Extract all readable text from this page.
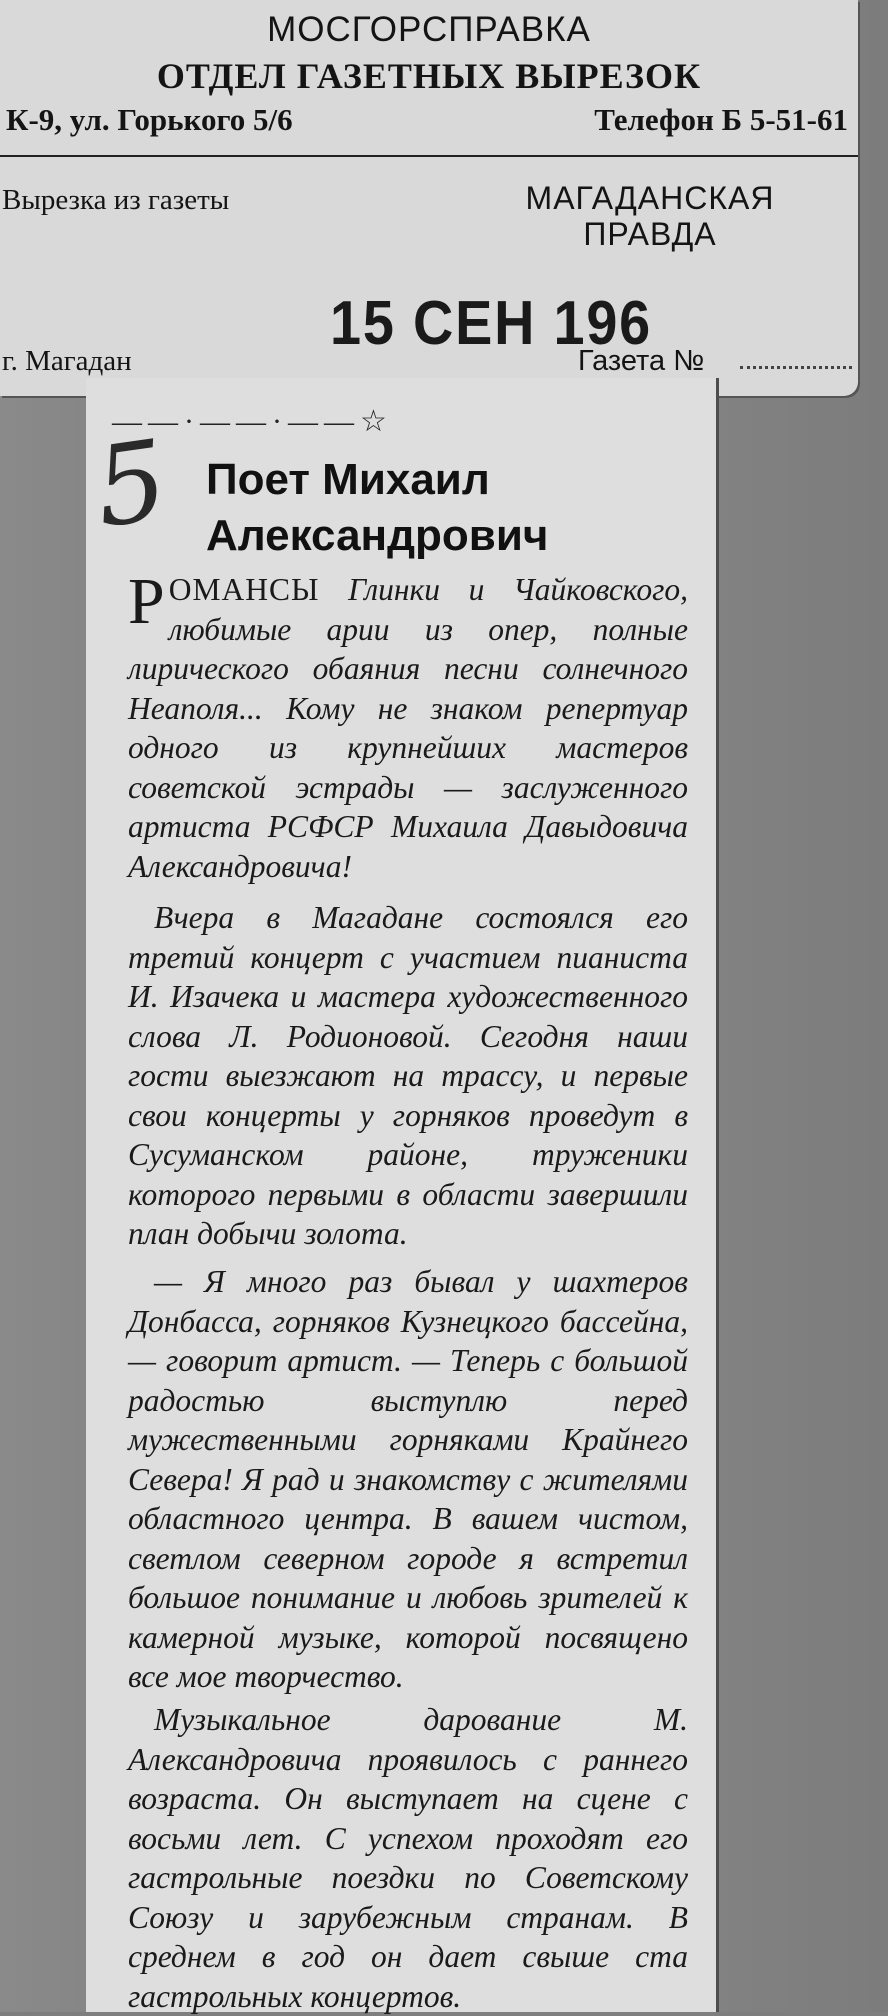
МОСГОРСПРАВКА
ОТДЕЛ ГАЗЕТНЫХ ВЫРЕЗОК
К-9, ул. Горького 5/6	Телефон Б 5-51-61
Вырезка из газеты	МАГАДАНСКАЯ ПРАВДА
15 СЕН 196
г. Магадан	Газета №
——·——·——☆
5 Поет Михаил Александрович
РОМАНСЫ Глинки и Чайковского, любимые арии из опер, полные лирического обаяния песни солнечного Неаполя... Кому не знаком репертуар одного из крупнейших мастеров советской эстрады — заслуженного артиста РСФСР Михаила Давыдовича Александровича!
Вчера в Магадане состоялся его третий концерт с участием пианиста И. Изачека и мастера художественного слова Л. Родионовой. Сегодня наши гости выезжают на трассу, и первые свои концерты у горняков проведут в Сусуманском районе, труженики которого первыми в области завершили план добычи золота.
— Я много раз бывал у шахтеров Донбасса, горняков Кузнецкого бассейна, — говорит артист. — Теперь с большой радостью выступлю перед мужественными горняками Крайнего Севера! Я рад и знакомству с жителями областного центра. В вашем чистом, светлом северном городе я встретил большое понимание и любовь зрителей к камерной музыке, которой посвящено все мое творчество.
Музыкальное дарование М. Александровича проявилось с раннего возраста. Он выступает на сцене с восьми лет. С успехом проходят его гастрольные поездки по Советскому Союзу и зарубежным странам. В среднем в год он дает свыше ста гастрольных концертов.
